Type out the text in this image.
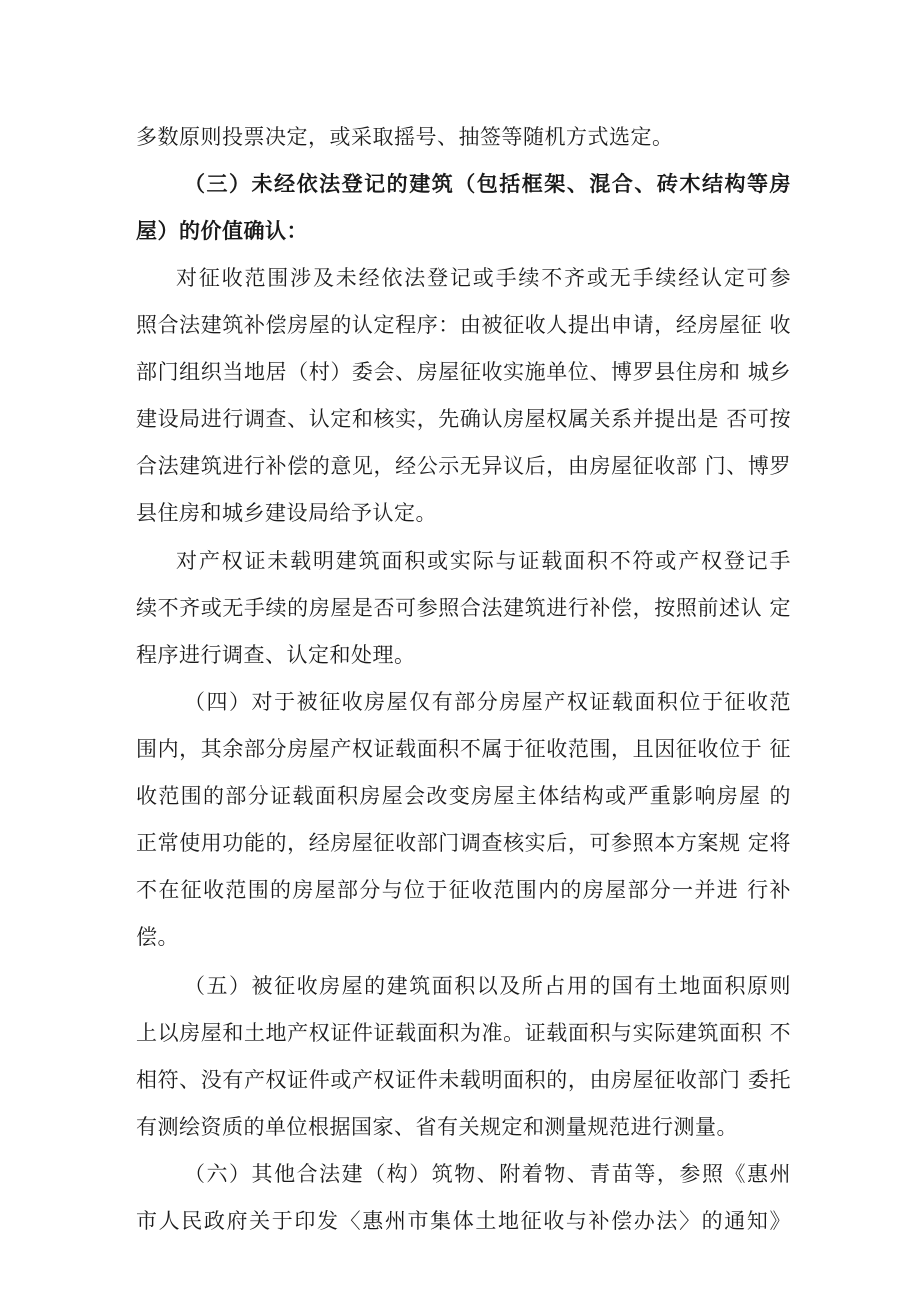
多数原则投票决定，或采取摇号、抽签等随机方式选定。
（三）未经依法登记的建筑（包括框架、混合、砖木结构等房
屋）的价值确认：
对征收范围涉及未经依法登记或手续不齐或无手续经认定可参
照合法建筑补偿房屋的认定程序：由被征收人提出申请，经房屋征 收
部门组织当地居（村）委会、房屋征收实施单位、博罗县住房和 城乡
建设局进行调查、认定和核实，先确认房屋权属关系并提出是 否可按
合法建筑进行补偿的意见，经公示无异议后，由房屋征收部 门、博罗
县住房和城乡建设局给予认定。
对产权证未载明建筑面积或实际与证载面积不符或产权登记手
续不齐或无手续的房屋是否可参照合法建筑进行补偿，按照前述认 定
程序进行调查、认定和处理。
（四）对于被征收房屋仅有部分房屋产权证载面积位于征收范
围内，其余部分房屋产权证载面积不属于征收范围，且因征收位于 征
收范围的部分证载面积房屋会改变房屋主体结构或严重影响房屋 的
正常使用功能的，经房屋征收部门调查核实后，可参照本方案规 定将
不在征收范围的房屋部分与位于征收范围内的房屋部分一并进 行补
偿。
（五）被征收房屋的建筑面积以及所占用的国有土地面积原则
上以房屋和土地产权证件证载面积为准。证载面积与实际建筑面积 不
相符、没有产权证件或产权证件未载明面积的，由房屋征收部门 委托
有测绘资质的单位根据国家、省有关规定和测量规范进行测量。
（六）其他合法建（构）筑物、附着物、青苗等，参照《惠州
市人民政府关于印发〈惠州市集体土地征收与补偿办法〉的通知》
